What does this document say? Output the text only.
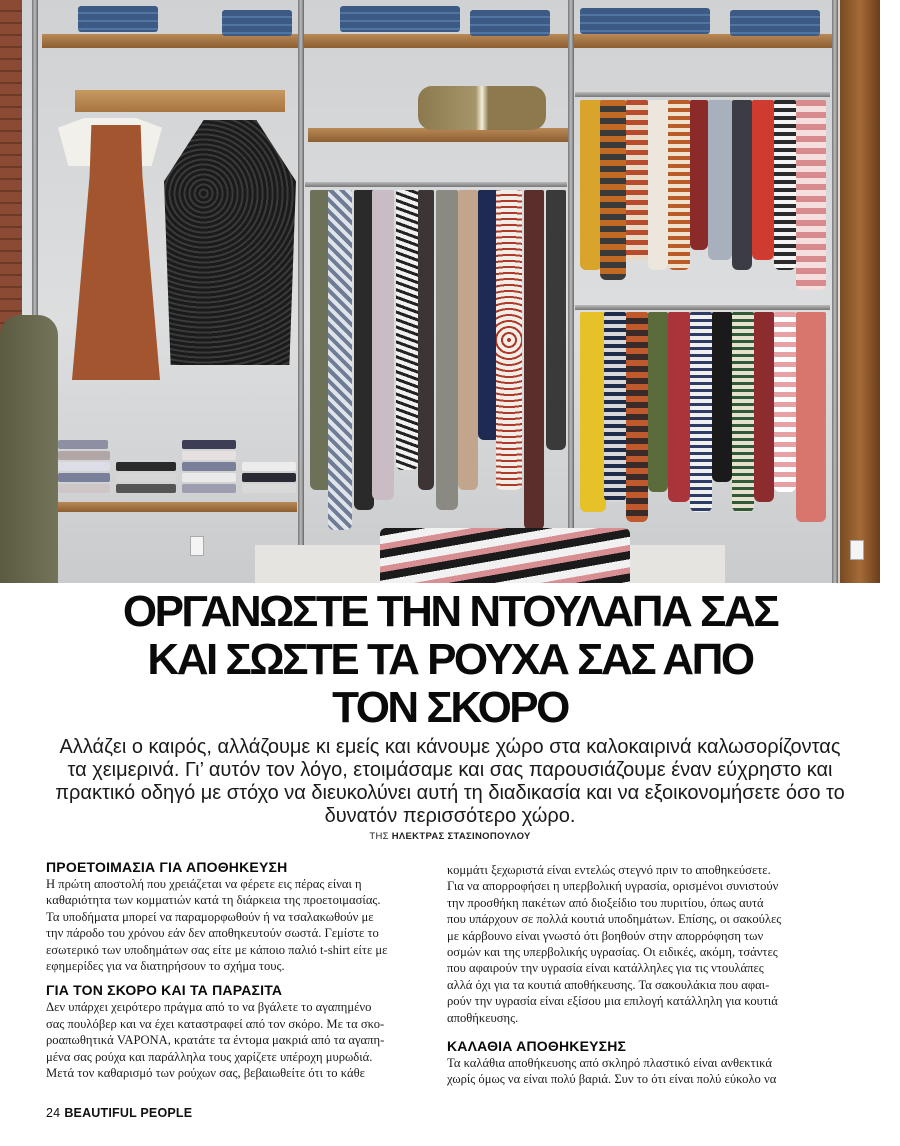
ΟΡΓΑΝΩΣΤΕ ΤΗΝ ΝΤΟΥΛΑΠΑ ΣΑΣ
ΚΑΙ ΣΩΣΤΕ ΤΑ ΡΟΥΧΑ ΣΑΣ ΑΠΟ
ΤΟΝ ΣΚΟΡΟ
Αλλάζει ο καιρός, αλλάζουμε κι εμείς και κάνουμε χώρο στα καλοκαιρινά καλωσορίζοντας
τα χειμερινά. Γι’ αυτόν τον λόγο, ετοιμάσαμε και σας παρουσιάζουμε έναν εύχρηστο και
πρακτικό οδηγό με στόχο να διευκολύνει αυτή τη διαδικασία και να εξοικονομήσετε όσο το
δυνατόν περισσότερο χώρο.
ΤΗΣ ΗΛΕΚΤΡΑΣ ΣΤΑΣΙΝΟΠΟΥΛΟΥ
ΠΡΟΕΤΟΙΜΑΣΙΑ ΓΙΑ ΑΠΟΘΗΚΕΥΣΗ
Η πρώτη αποστολή που χρειάζεται να φέρετε εις πέρας είναι η
καθαριότητα των κομματιών κατά τη διάρκεια της προετοιμασίας.
Τα υποδήματα μπορεί να παραμορφωθούν ή να τσαλακωθούν με
την πάροδο του χρόνου εάν δεν αποθηκευτούν σωστά. Γεμίστε το
εσωτερικό των υποδημάτων σας είτε με κάποιο παλιό t-shirt είτε με
εφημερίδες για να διατηρήσουν το σχήμα τους.
ΓΙΑ ΤΟΝ ΣΚΟΡΟ ΚΑΙ ΤΑ ΠΑΡΑΣΙΤΑ
Δεν υπάρχει χειρότερο πράγμα από το να βγάλετε το αγαπημένο
σας πουλόβερ και να έχει καταστραφεί από τον σκόρο. Με τα σκο-
ροαπωθητικά VAPONA, κρατάτε τα έντομα μακριά από τα αγαπη-
μένα σας ρούχα και παράλληλα τους χαρίζετε υπέροχη μυρωδιά.
Μετά τον καθαρισμό των ρούχων σας, βεβαιωθείτε ότι το κάθε
κομμάτι ξεχωριστά είναι εντελώς στεγνό πριν το αποθηκεύσετε.
Για να απορροφήσει η υπερβολική υγρασία, ορισμένοι συνιστούν
την προσθήκη πακέτων από διοξείδιο του πυριτίου, όπως αυτά
που υπάρχουν σε πολλά κουτιά υποδημάτων. Επίσης, οι σακούλες
με κάρβουνο είναι γνωστό ότι βοηθούν στην απορρόφηση των
οσμών και της υπερβολικής υγρασίας. Οι ειδικές, ακόμη, τσάντες
που αφαιρούν την υγρασία είναι κατάλληλες για τις ντουλάπες
αλλά όχι για τα κουτιά αποθήκευσης. Τα σακουλάκια που αφαι-
ρούν την υγρασία είναι εξίσου μια επιλογή κατάλληλη για κουτιά
αποθήκευσης.
ΚΑΛΑΘΙΑ ΑΠΟΘΗΚΕΥΣΗΣ
Τα καλάθια αποθήκευσης από σκληρό πλαστικό είναι ανθεκτικά
χωρίς όμως να είναι πολύ βαριά. Συν το ότι είναι πολύ εύκολο να
24 BEAUTIFUL PEOPLE
